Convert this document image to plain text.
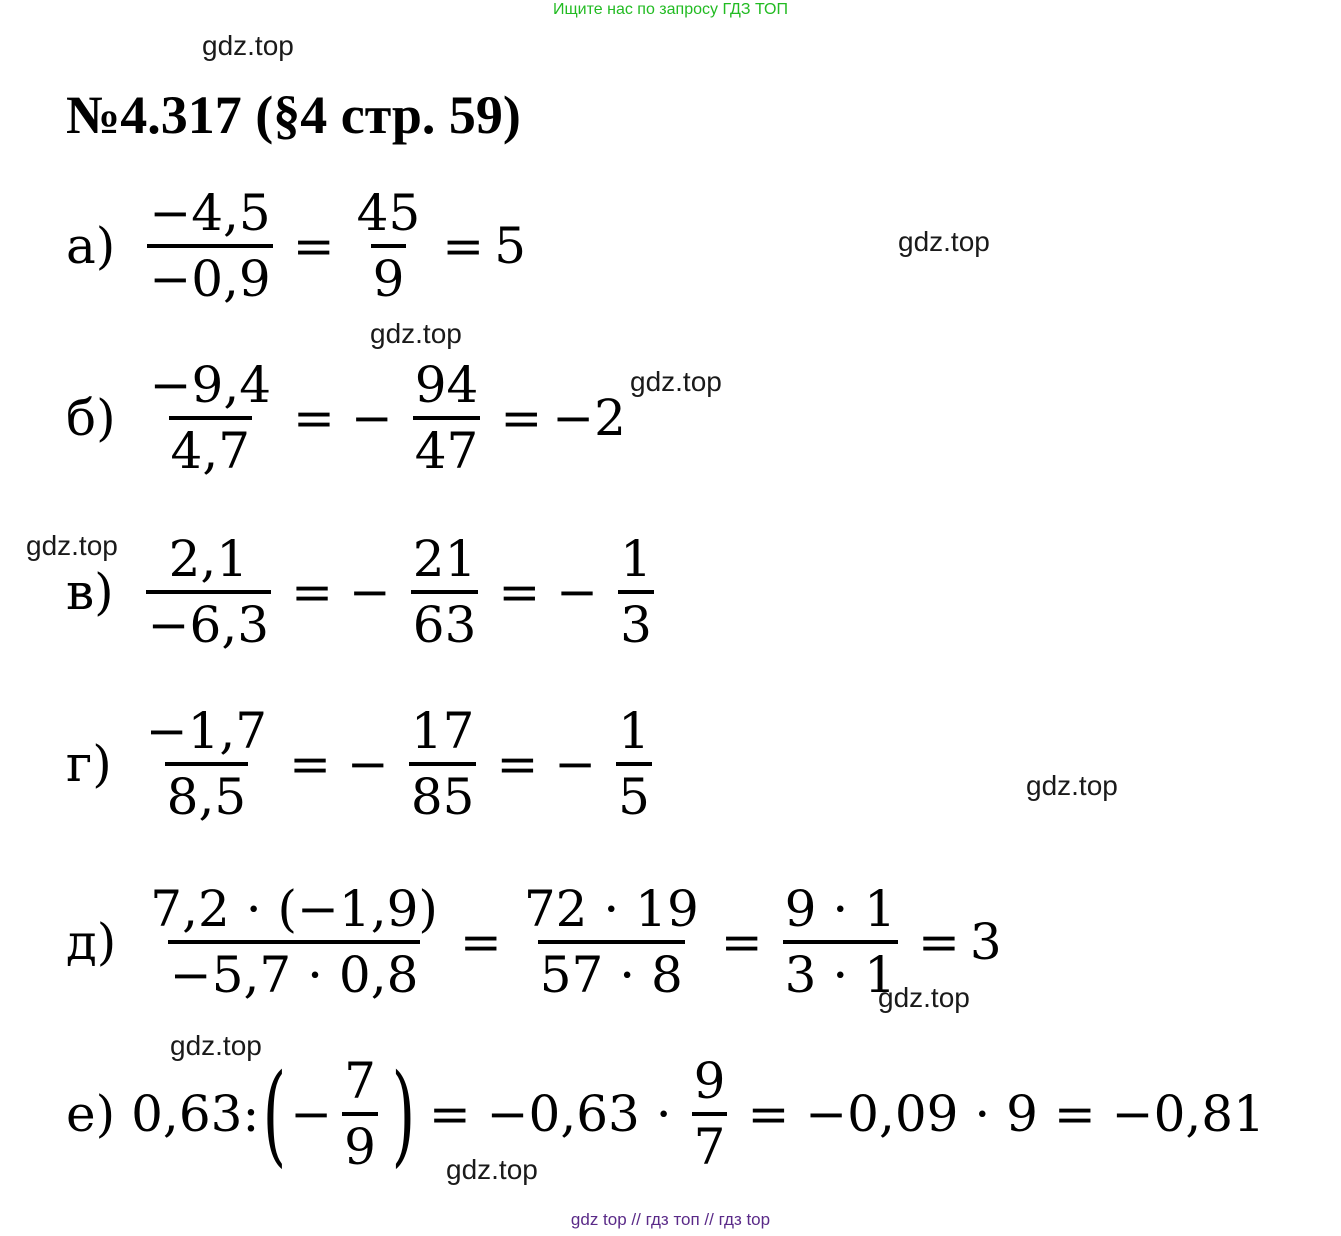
Ищите нас по запросу ГДЗ ТОП
gdz.top
gdz.top
gdz.top
gdz.top
gdz.top
gdz.top
gdz.top
gdz.top
gdz.top
№4.317 (§4 стр. 59)
$а) \frac{-4,5}{-0,9} = \frac{45}{9} = 5$
$б) \frac{-9,4}{4,7}$ = − $\frac{94}{47} = -2$
$в) \frac{2,1}{-6,3}$ = − $\frac{21}{63}$ = − $\frac{1}{3}$
$г) \frac{-1,7}{8,5}$ = − $\frac{17}{85}$ = − $\frac{1}{5}$
$д) \frac{7,2 \cdot (-1,9)}{-5,7 \cdot 0,8} = \frac{72 \cdot 19}{57 \cdot 8} = \frac{9 \cdot 1}{3 \cdot 1} = 3$
е) 0,63: ( − $\frac{7}{9}$ ) = $-0,63 \cdot \frac{9}{7} = -0,09 \cdot 9 = -0,81$
gdz top // гдз топ // гдз top
